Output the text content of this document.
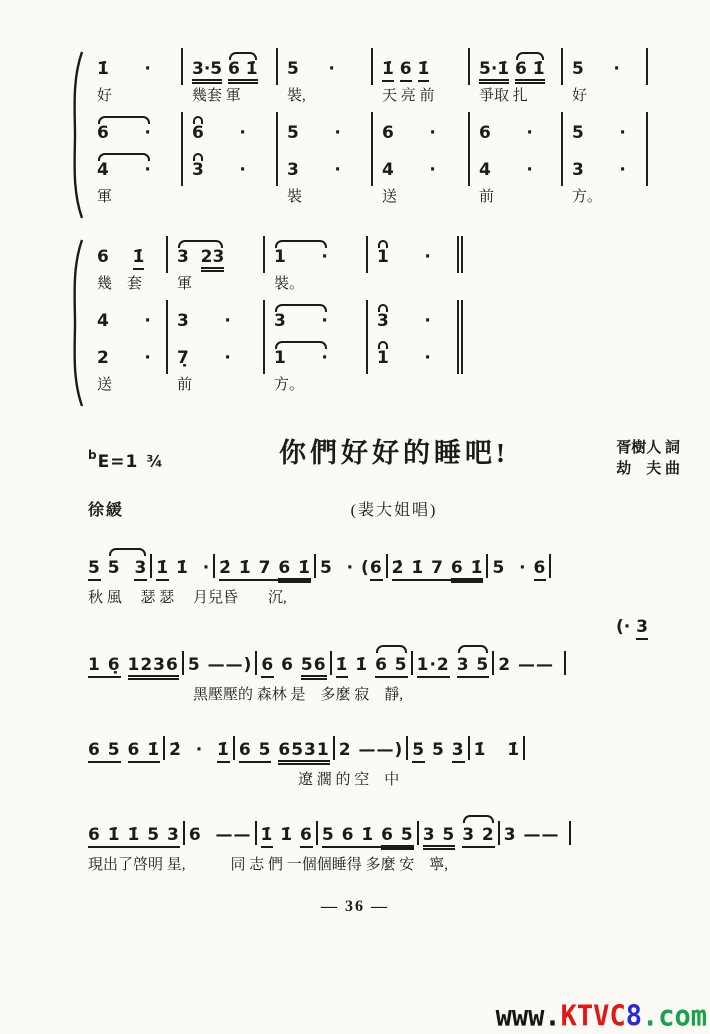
1̇      ·	3·5 6 1̇	5     ·	1̇ 6 1̇	5·1̇ 6 1̇	5     ·
好	幾套 軍	裝,	天 亮 前	爭取 扎	好
6      ·	6      ·	5      ·	6      ·	6      ·	5      ·
4      ·	3      ·	3      ·	4      ·	4      ·	3      ·
軍	裝	送	前	方。
6    1̇	3  23	1      ·	1      ·
幾　套	軍	裝。
4      ·	3      ·	3      ·	3      ·
2      ·	7̣      ·	1      ·	1      ·
送	前	方。
$^b$E=1 ¾	你們好好的睡吧!	胥樹人 詞
劫　夫 曲
徐緩	(裴大姐唱)
5 5  3 1̇ 1̇  · 2̇ 1̇ 7 6 1̇ 5  · (6 2̇ 1̇ 7 6 1̇ 5  · 6
秋 風　 瑟 瑟　 月兒昏　　沉,
(· 3
1 6̣ 1236 5 ——) 6 6 56 1̇ 1̇ 6 5 1·2 3 5 2 ——
　　　　　　　黑壓壓的 森林 是　多麼 寂　靜,
6 5 6 1̇ 2̇  ·  1̇ 6 5 6531 2 ——) 5 5 3 1̇   1̇
　　　　　　　　　　　　　　遼 濶 的 空　中
6 1̇ 1̇ 5 3 6  —— 1̇ 1̇ 6 5 6 1̇ 6 5 3 5 3 2 3 ——
現出了啓明 星,　　　同 志 們 一個個睡得 多麼 安　寧,
— 36 —
www.KTVC8.com
